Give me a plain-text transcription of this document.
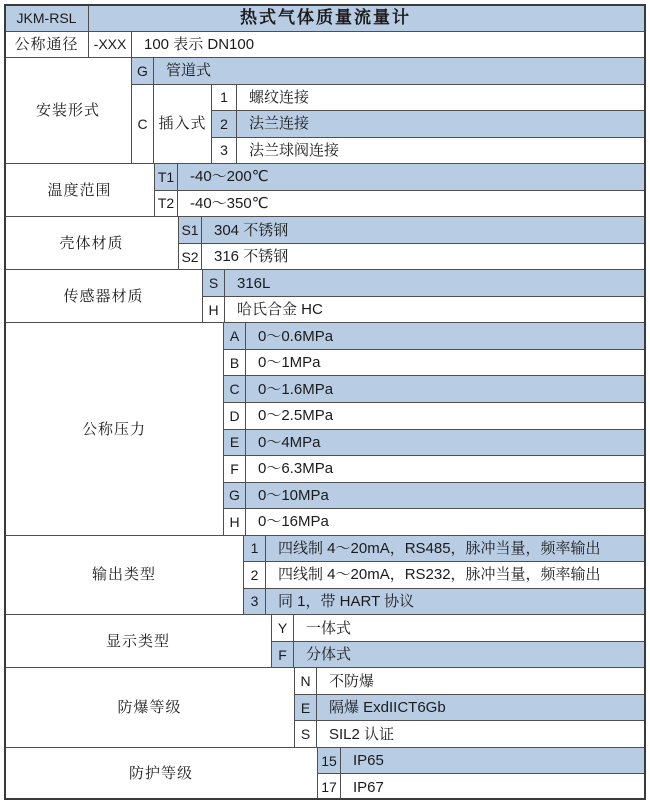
IP67
17
IP65
15
防护等级
SIL2 认证
S
隔爆 ExdIICT6Gb
E
不防爆
N
防爆等级
分体式
F
一体式
Y
显示类型
同 1，带 HART 协议
3
四线制 4～20mA，RS232，脉冲当量，频率输出
2
四线制 4～20mA，RS485，脉冲当量，频率输出
1
输出类型
0～16MPa
H
0～10MPa
G
0～6.3MPa
F
0～4MPa
E
0～2.5MPa
D
0～1.6MPa
C
0～1MPa
B
0～0.6MPa
A
公称压力
哈氏合金 HC
H
316L
S
传感器材质
316 不锈钢
S2
304 不锈钢
S1
壳体材质
-40～350℃
T2
-40～200℃
T1
温度范围
法兰球阀连接
3
法兰连接
2
螺纹连接
1
插入式
C
管道式
G
安装形式
100 表示 DN100
-XXX
公称通径
热式气体质量流量计
JKM-RSL
